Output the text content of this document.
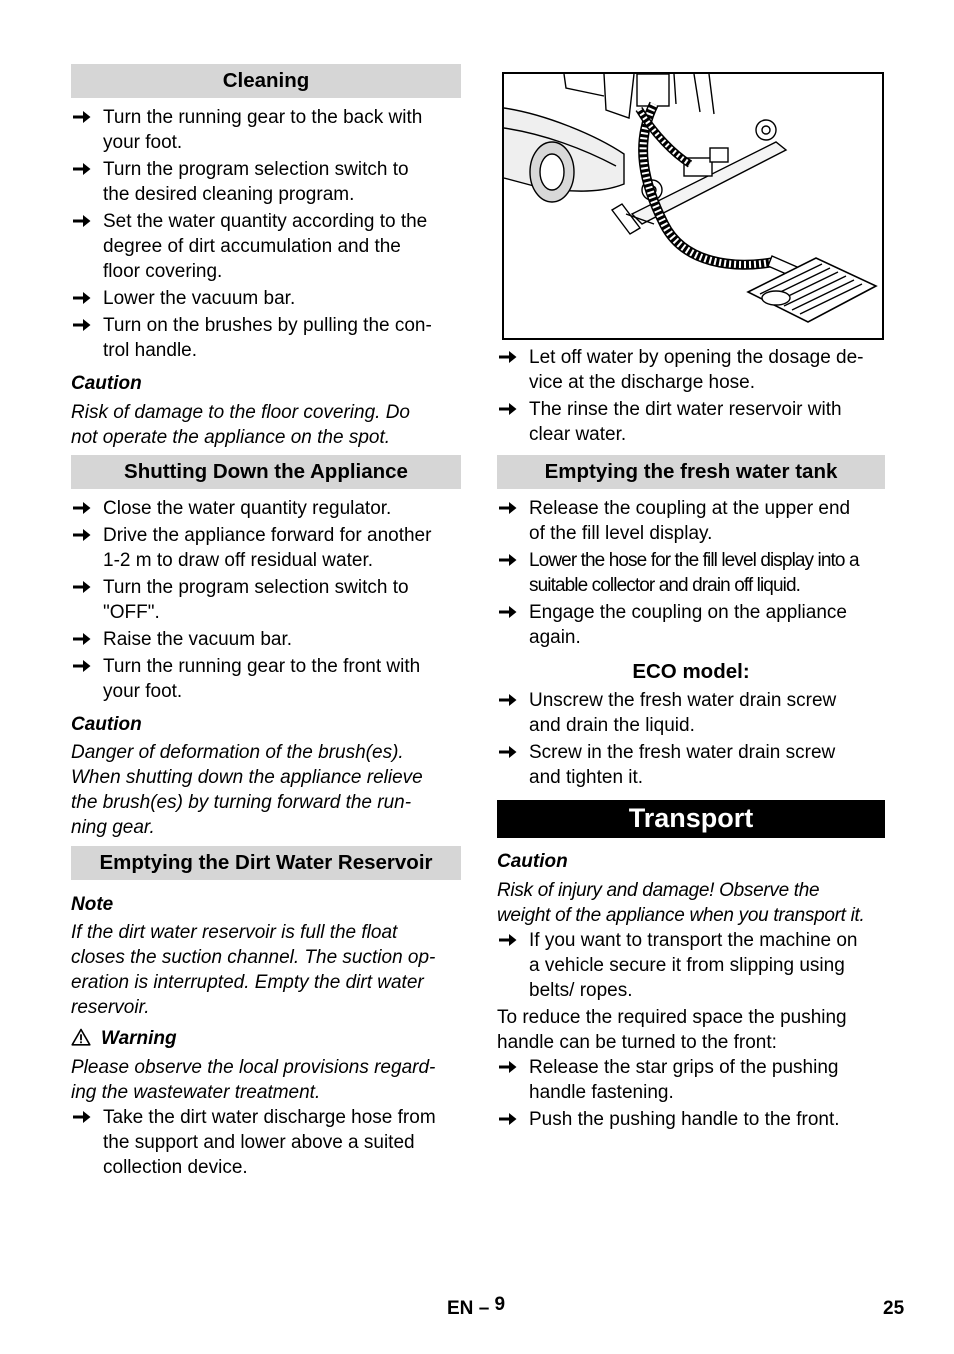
Cleaning
Turn the running gear to the back with
your foot.
Turn the program selection switch to
the desired cleaning program.
Set the water quantity according to the
degree of dirt accumulation and the
floor covering.
Lower the vacuum bar.
Turn on the brushes by pulling the con-
trol handle.
Caution
Risk of damage to the floor covering. Do
not operate the appliance on the spot.
Shutting Down the Appliance
Close the water quantity regulator.
Drive the appliance forward for another
1-2 m to draw off residual water.
Turn the program selection switch to
"OFF".
Raise the vacuum bar.
Turn the running gear to the front with
your foot.
Caution
Danger of deformation of the brush(es).
When shutting down the appliance relieve
the brush(es) by turning forward the run-
ning gear.
Emptying the Dirt Water Reservoir
Note
If the dirt water reservoir is full the float
closes the suction channel. The suction op-
eration is interrupted. Empty the dirt water
reservoir.
Warning
Please observe the local provisions regard-
ing the wastewater treatment.
Take the dirt water discharge hose from
the support and lower above a suited
collection device.
Let off water by opening the dosage de-
vice at the discharge hose.
The rinse the dirt water reservoir with
clear water.
Emptying the fresh water tank
Release the coupling at the upper end
of the fill level display.
Lower the hose for the fill level display into a
suitable collector and drain off liquid.
Engage the coupling on the appliance
again.
ECO model:
Unscrew the fresh water drain screw
and drain the liquid.
Screw in the fresh water drain screw
and tighten it.
Transport
Caution
Risk of injury and damage! Observe the
weight of the appliance when you transport it.
If you want to transport the machine on
a vehicle secure it from slipping using
belts/ ropes.
To reduce the required space the pushing
handle can be turned to the front:
Release the star grips of the pushing
handle fastening.
Push the pushing handle to the front.
EN – 9	25
